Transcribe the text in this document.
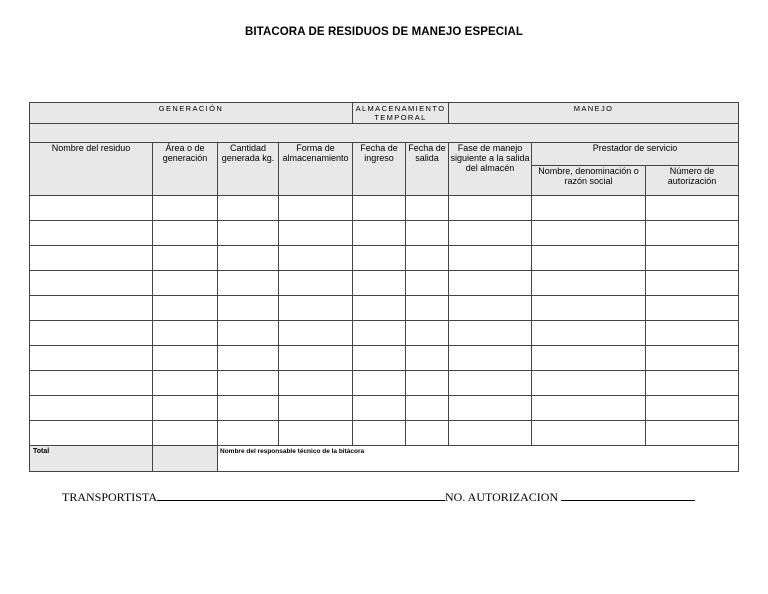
BITACORA DE RESIDUOS DE MANEJO ESPECIAL
GENERACIÓN				ALMACENAMIENTO TEMPORAL		MANEJO		

Nombre del residuo	Área o de generación	Cantidad generada kg.	Forma de almacenamiento	Fecha de ingreso	Fecha de salida	Fase de manejo siguiente a la salida del almacén	Prestador de servicio	
							Nombre, denominación o razón social	Número de autorización

Total		Nombre del responsable técnico de la bitácora						
TRANSPORTISTA	NO. AUTORIZACION
